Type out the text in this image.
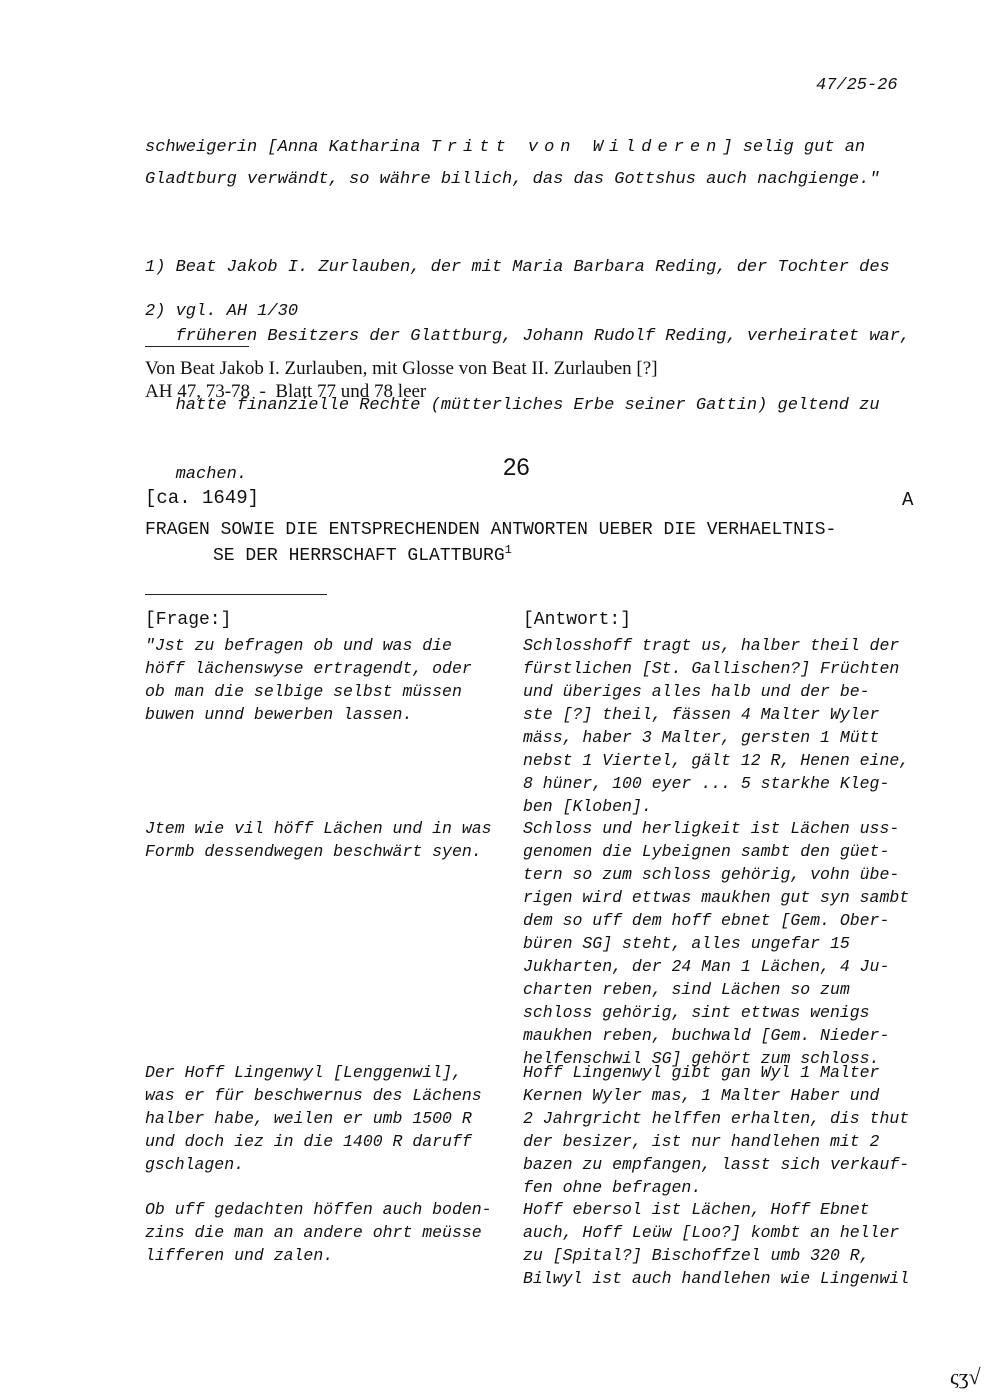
47/25-26
schweigerin [Anna Katharina Tritt von Wilderen] selig gut an
Gladtburg verwändt, so währe billich, das das Gottshus auch nachgienge."

1) Beat Jakob I. Zurlauben, der mit Maria Barbara Reding, der Tochter des

früheren Besitzers der Glattburg, Johann Rudolf Reding, verheiratet war,

hatte finanzielle Rechte (mütterliches Erbe seiner Gattin) geltend zu

machen.

2) vgl. AH 1/30
Von Beat Jakob I. Zurlauben, mit Glosse von Beat II. Zurlauben [?]
AH 47, 73-78  -  Blatt 77 und 78 leer
26
[ca. 1649]	A
FRAGEN SOWIE DIE ENTSPRECHENDEN ANTWORTEN UEBER DIE VERHAELTNIS-
SE DER HERRSCHAFT GLATTBURG$^1$
[Frage:]	[Antwort:]
"Jst zu befragen ob und was die
höff lächenswyse ertragendt, oder
ob man die selbige selbst müssen
buwen unnd bewerben lassen.
Schlosshoff tragt us, halber theil der
fürstlichen [St. Gallischen?] Früchten
und überiges alles halb und der be-
ste [?] theil, fässen 4 Malter Wyler
mäss, haber 3 Malter, gersten 1 Mütt
nebst 1 Viertel, gält 12 R, Henen eine,
8 hüner, 100 eyer ... 5 starkhe Kleg-
ben [Kloben].
Jtem wie vil höff Lächen und in was
Formb dessendwegen beschwärt syen.
Schloss und herligkeit ist Lächen uss-
genomen die Lybeignen sambt den güet-
tern so zum schloss gehörig, vohn übe-
rigen wird ettwas maukhen gut syn sambt
dem so uff dem hoff ebnet [Gem. Ober-
büren SG] steht, alles ungefar 15
Jukharten, der 24 Man 1 Lächen, 4 Ju-
charten reben, sind Lächen so zum
schloss gehörig, sint ettwas wenigs
maukhen reben, buchwald [Gem. Nieder-
helfenschwil SG] gehört zum schloss.
Der Hoff Lingenwyl [Lenggenwil],
was er für beschwernus des Lächens
halber habe, weilen er umb 1500 R
und doch iez in die 1400 R daruff
gschlagen.
Hoff Lingenwyl gibt gan Wyl 1 Malter
Kernen Wyler mas, 1 Malter Haber und
2 Jahrgricht helffen erhalten, dis thut
der besizer, ist nur handlehen mit 2
bazen zu empfangen, lasst sich verkauf-
fen ohne befragen.
Ob uff gedachten höffen auch boden-
zins die man an andere ohrt meüsse
lifferen und zalen.
Hoff ebersol ist Lächen, Hoff Ebnet
auch, Hoff Leüw [Loo?] kombt an heller
zu [Spital?] Bischoffzel umb 320 R,
Bilwyl ist auch handlehen wie Lingenwil
ςʒ√
